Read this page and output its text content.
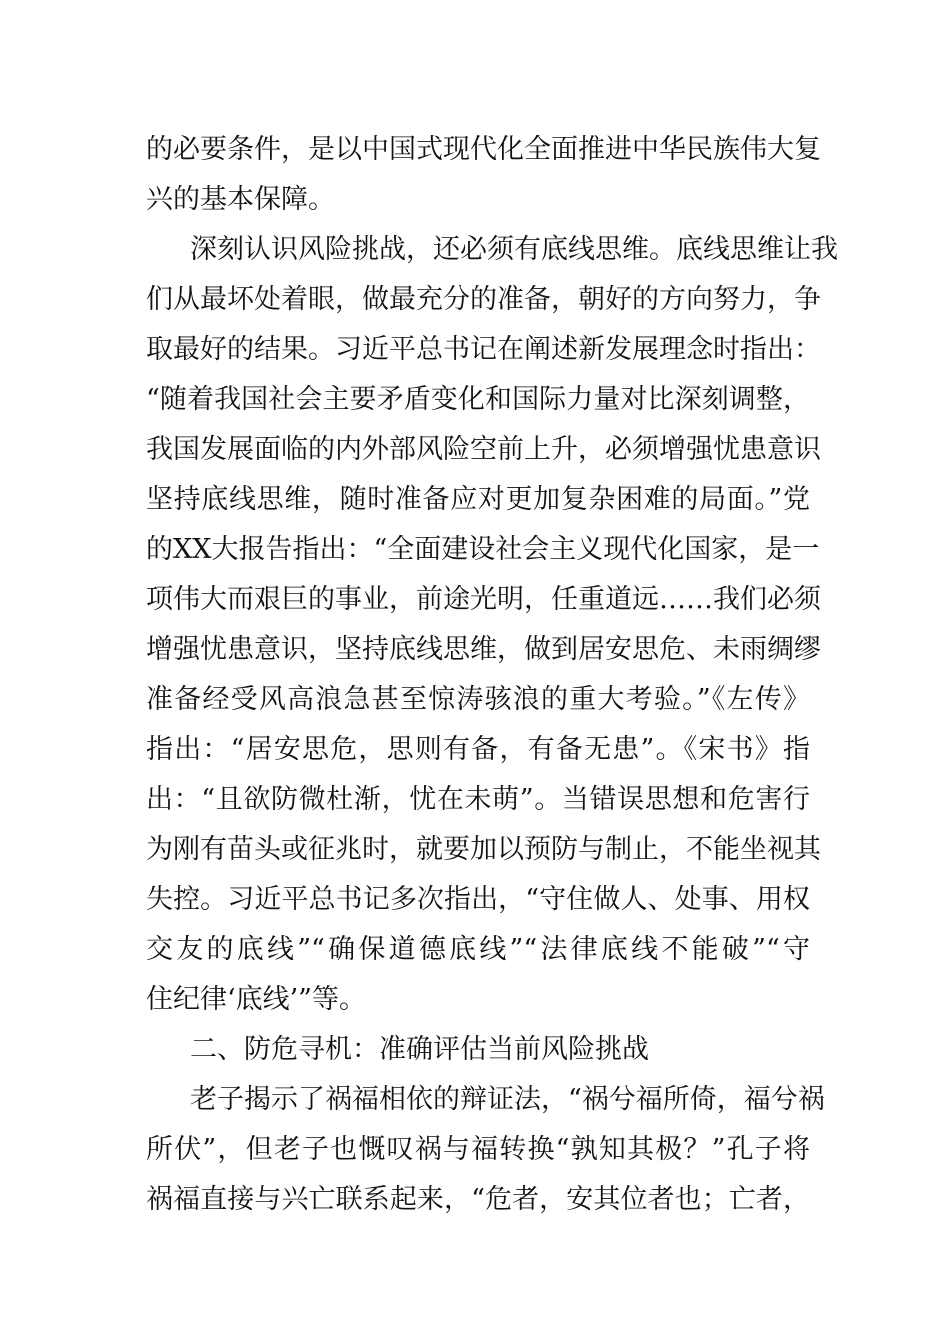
的必要条件，是以中国式现代化全面推进中华民族伟大复
兴的基本保障。
深刻认识风险挑战，还必须有底线思维。底线思维让我
们从最坏处着眼，做最充分的准备，朝好的方向努力，争
取最好的结果。习近平总书记在阐述新发展理念时指出：
“随着我国社会主要矛盾变化和国际力量对比深刻调整，
我国发展面临的内外部风险空前上升，必须增强忧患意识
坚持底线思维，随时准备应对更加复杂困难的局面。”党
的XX大报告指出：“全面建设社会主义现代化国家，是一
项伟大而艰巨的事业，前途光明，任重道远……我们必须
增强忧患意识，坚持底线思维，做到居安思危、未雨绸缪
准备经受风高浪急甚至惊涛骇浪的重大考验。”《左传》
指出：“居安思危，思则有备，有备无患”。《宋书》指
出：“且欲防微杜渐，忧在未萌”。当错误思想和危害行
为刚有苗头或征兆时，就要加以预防与制止，不能坐视其
失控。习近平总书记多次指出，“守住做人、处事、用权
交友的底线”“确保道德底线”“法律底线不能破”“守
住纪律‘底线’”等。
二、防危寻机：准确评估当前风险挑战
老子揭示了祸福相依的辩证法，“祸兮福所倚，福兮祸
所伏”，但老子也慨叹祸与福转换“孰知其极？”孔子将
祸福直接与兴亡联系起来，“危者，安其位者也；亡者，
